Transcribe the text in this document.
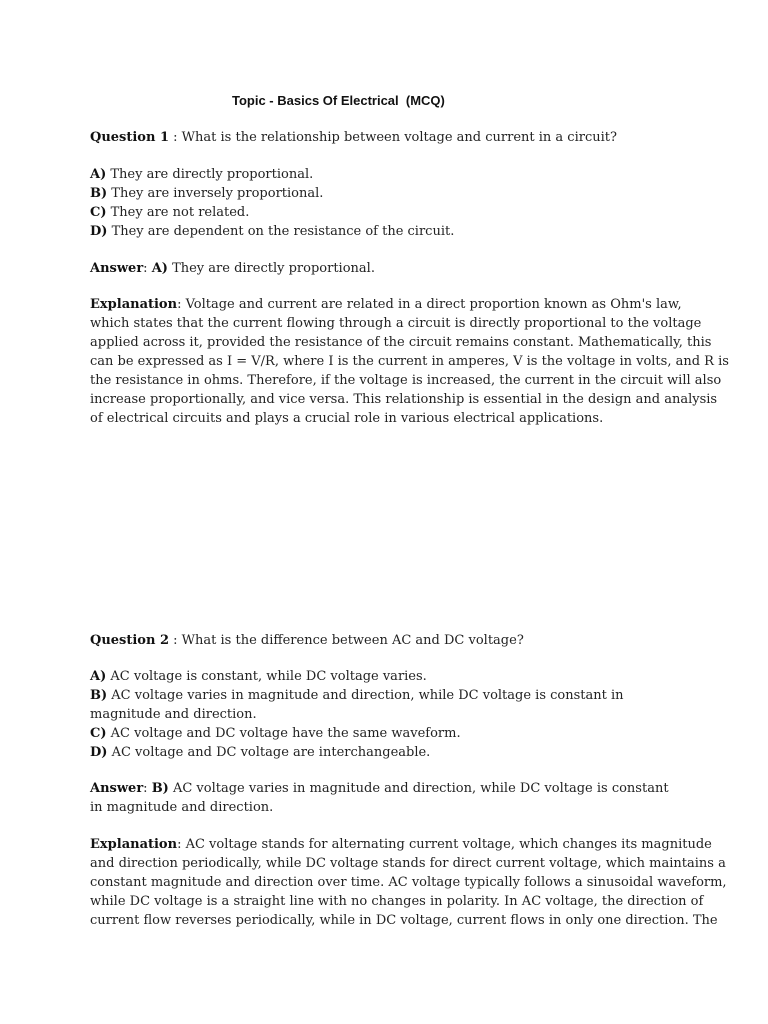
Topic - Basics Of Electrical  (MCQ)
Question 1 : What is the relationship between voltage and current in a circuit?
A) They are directly proportional.
B) They are inversely proportional.
C) They are not related.
D) They are dependent on the resistance of the circuit.
Answer: A) They are directly proportional.
Explanation: Voltage and current are related in a direct proportion known as Ohm's law,
which states that the current flowing through a circuit is directly proportional to the voltage
applied across it, provided the resistance of the circuit remains constant. Mathematically, this
can be expressed as I = V/R, where I is the current in amperes, V is the voltage in volts, and R is
the resistance in ohms. Therefore, if the voltage is increased, the current in the circuit will also
increase proportionally, and vice versa. This relationship is essential in the design and analysis
of electrical circuits and plays a crucial role in various electrical applications.
Question 2 : What is the difference between AC and DC voltage?
A) AC voltage is constant, while DC voltage varies.
B) AC voltage varies in magnitude and direction, while DC voltage is constant in magnitude and direction.
C) AC voltage and DC voltage have the same waveform.
D) AC voltage and DC voltage are interchangeable.
Answer: B) AC voltage varies in magnitude and direction, while DC voltage is constant in magnitude and direction.
Explanation: AC voltage stands for alternating current voltage, which changes its magnitude
and direction periodically, while DC voltage stands for direct current voltage, which maintains a
constant magnitude and direction over time. AC voltage typically follows a sinusoidal waveform,
while DC voltage is a straight line with no changes in polarity. In AC voltage, the direction of
current flow reverses periodically, while in DC voltage, current flows in only one direction. The
